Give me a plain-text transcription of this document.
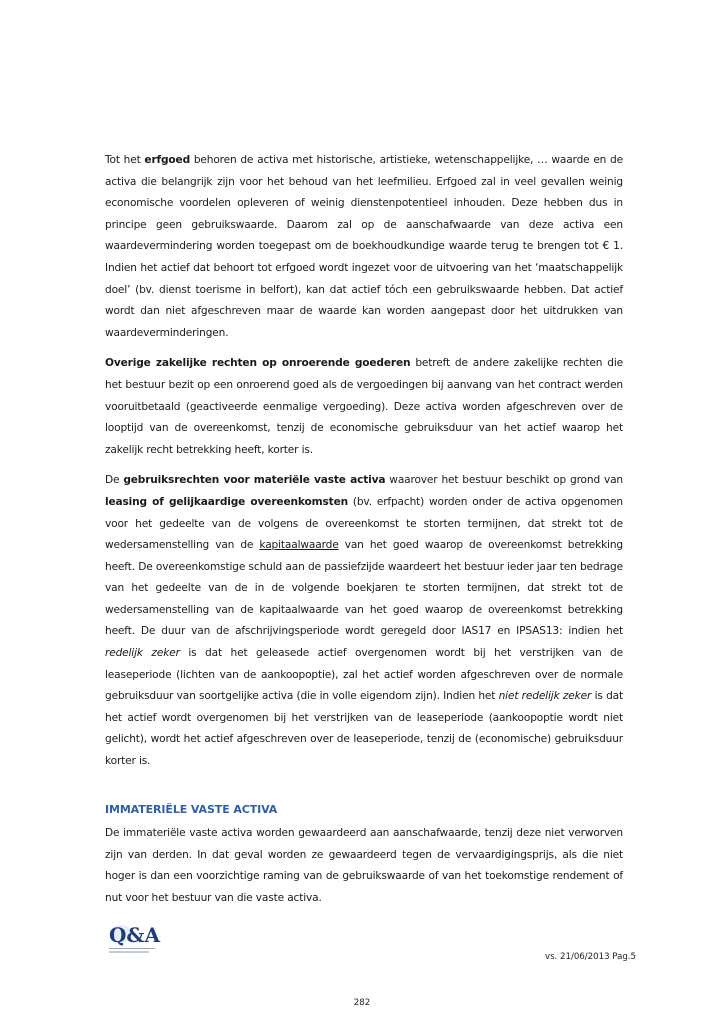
Tot het erfgoed behoren de activa met historische, artistieke, wetenschappelijke, … waarde en de activa die belangrijk zijn voor het behoud van het leefmilieu. Erfgoed zal in veel gevallen weinig economische voordelen opleveren of weinig dienstenpotentieel inhouden. Deze hebben dus in principe geen gebruikswaarde. Daarom zal op de aanschafwaarde van deze activa een waardevermindering worden toegepast om de boekhoudkundige waarde terug te brengen tot € 1. Indien het actief dat behoort tot erfgoed wordt ingezet voor de uitvoering van het ‘maatschappelijk doel’ (bv. dienst toerisme in belfort), kan dat actief tóch een gebruikswaarde hebben. Dat actief wordt dan niet afgeschreven maar de waarde kan worden aangepast door het uitdrukken van waardeverminderingen.

Overige zakelijke rechten op onroerende goederen betreft de andere zakelijke rechten die het bestuur bezit op een onroerend goed als de vergoedingen bij aanvang van het contract werden vooruitbetaald (geactiveerde eenmalige vergoeding). Deze activa worden afgeschreven over de looptijd van de overeenkomst, tenzij de economische gebruiksduur van het actief waarop het zakelijk recht betrekking heeft, korter is.

De gebruiksrechten voor materiële vaste activa waarover het bestuur beschikt op grond van leasing of gelijkaardige overeenkomsten (bv. erfpacht) worden onder de activa opgenomen voor het gedeelte van de volgens de overeenkomst te storten termijnen, dat strekt tot de wedersamenstelling van de kapitaalwaarde van het goed waarop de overeenkomst betrekking heeft. De overeenkomstige schuld aan de passiefzijde waardeert het bestuur ieder jaar ten bedrage van het gedeelte van de in de volgende boekjaren te storten termijnen, dat strekt tot de wedersamenstelling van de kapitaalwaarde van het goed waarop de overeenkomst betrekking heeft. De duur van de afschrijvingsperiode wordt geregeld door IAS17 en IPSAS13: indien het redelijk zeker is dat het geleasede actief overgenomen wordt bij het verstrijken van de leaseperiode (lichten van de aankoopoptie), zal het actief worden afgeschreven over de normale gebruiksduur van soortgelijke activa (die in volle eigendom zijn). Indien het niet redelijk zeker is dat het actief wordt overgenomen bij het verstrijken van de leaseperiode (aankoopoptie wordt niet gelicht), wordt het actief afgeschreven over de leaseperiode, tenzij de (economische) gebruiksduur korter is.

IMMATERIËLE VASTE ACTIVA

De immateriële vaste activa worden gewaardeerd aan aanschafwaarde, tenzij deze niet verworven zijn van derden. In dat geval worden ze gewaardeerd tegen de vervaardigingsprijs, als die niet hoger is dan een voorzichtige raming van de gebruikswaarde of van het toekomstige rendement of nut voor het bestuur van die vaste activa.

Q&A
vs. 21/06/2013 Pag.5
282
